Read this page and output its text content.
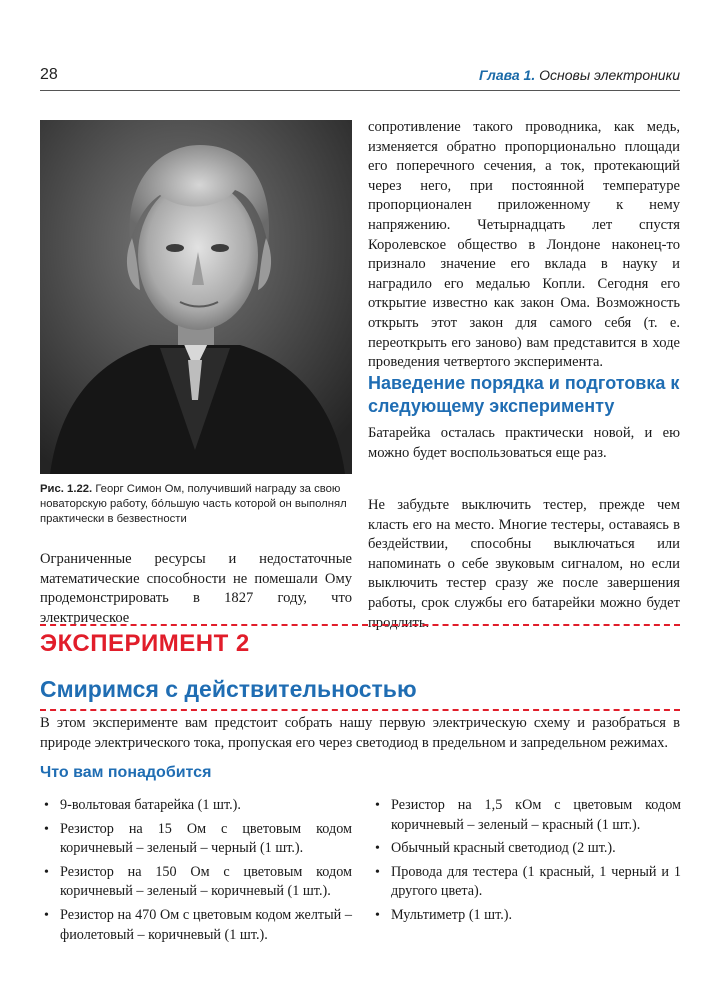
28	Глава 1. Основы электроники
Рис. 1.22. Георг Симон Ом, получивший награду за свою новаторскую работу, бо́льшую часть которой он выполнял практически в безвестности
Ограниченные ресурсы и недостаточные математические способности не помешали Ому продемонстрировать в 1827 году, что электрическое
сопротивление такого проводника, как медь, изменяется обратно пропорционально площади его поперечного сечения, а ток, протекающий через него, при постоянной температуре пропорционален приложенному к нему напряжению. Четырнадцать лет спустя Королевское общество в Лондоне наконец-то признало значение его вклада в науку и наградило его медалью Копли. Сегодня его открытие известно как закон Ома. Возможность открыть этот закон для самого себя (т. е. переоткрыть его заново) вам представится в ходе проведения четвертого эксперимента.
Наведение порядка и подготовка к следующему эксперименту
Батарейка осталась практически новой, и ею можно будет воспользоваться еще раз.
Не забудьте выключить тестер, прежде чем класть его на место. Многие тестеры, оставаясь в бездействии, способны выключаться или напоминать о себе звуковым сигналом, но если выключить тестер сразу же после завершения работы, срок службы его батарейки можно будет продлить.
ЭКСПЕРИМЕНТ 2
Смиримся с действительностью
В этом эксперименте вам предстоит собрать нашу первую электрическую схему и разобраться в природе электрического тока, пропуская его через светодиод в предельном и запредельном режимах.
Что вам понадобится
• 9-вольтовая батарейка (1 шт.).
• Резистор на 15 Ом с цветовым кодом коричневый – зеленый – черный (1 шт.).
• Резистор на 150 Ом с цветовым кодом коричневый – зеленый – коричневый (1 шт.).
• Резистор на 470 Ом с цветовым кодом желтый – фиолетовый – коричневый (1 шт.).
• Резистор на 1,5 кОм с цветовым кодом коричневый – зеленый – красный (1 шт.).
• Обычный красный светодиод (2 шт.).
• Провода для тестера (1 красный, 1 черный и 1 другого цвета).
• Мультиметр (1 шт.).
